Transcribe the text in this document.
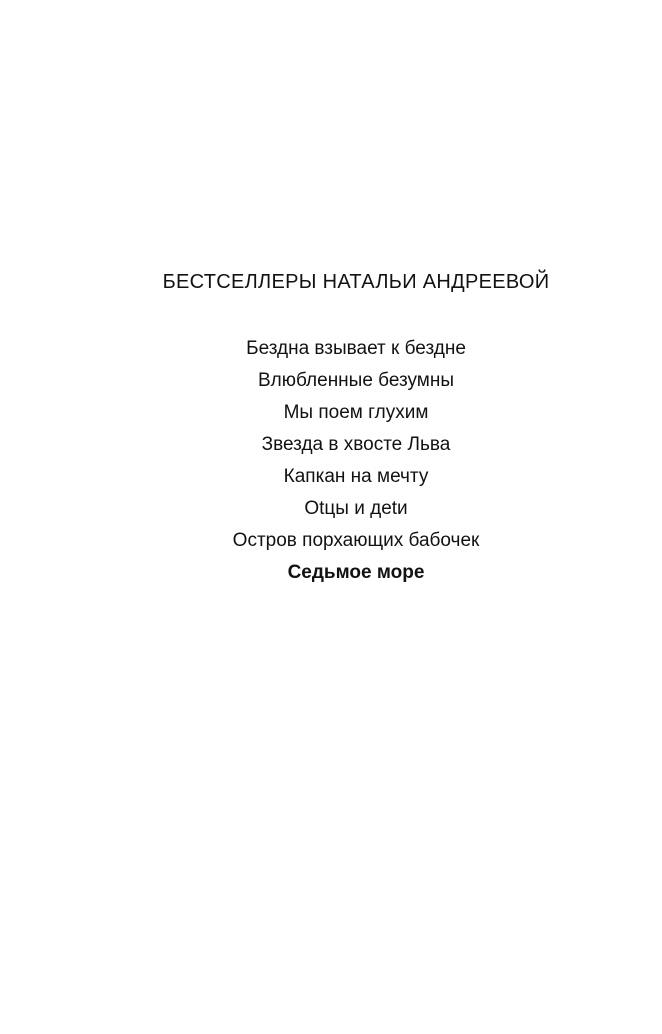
БЕСТСЕЛЛЕРЫ НАТАЛЬИ АНДРЕЕВОЙ
Бездна взывает к бездне
Влюбленные безумны
Мы поем глухим
Звезда в хвосте Льва
Капкан на мечту
Оtцы и деtи
Остров порхающих бабочек
Седьмое море
